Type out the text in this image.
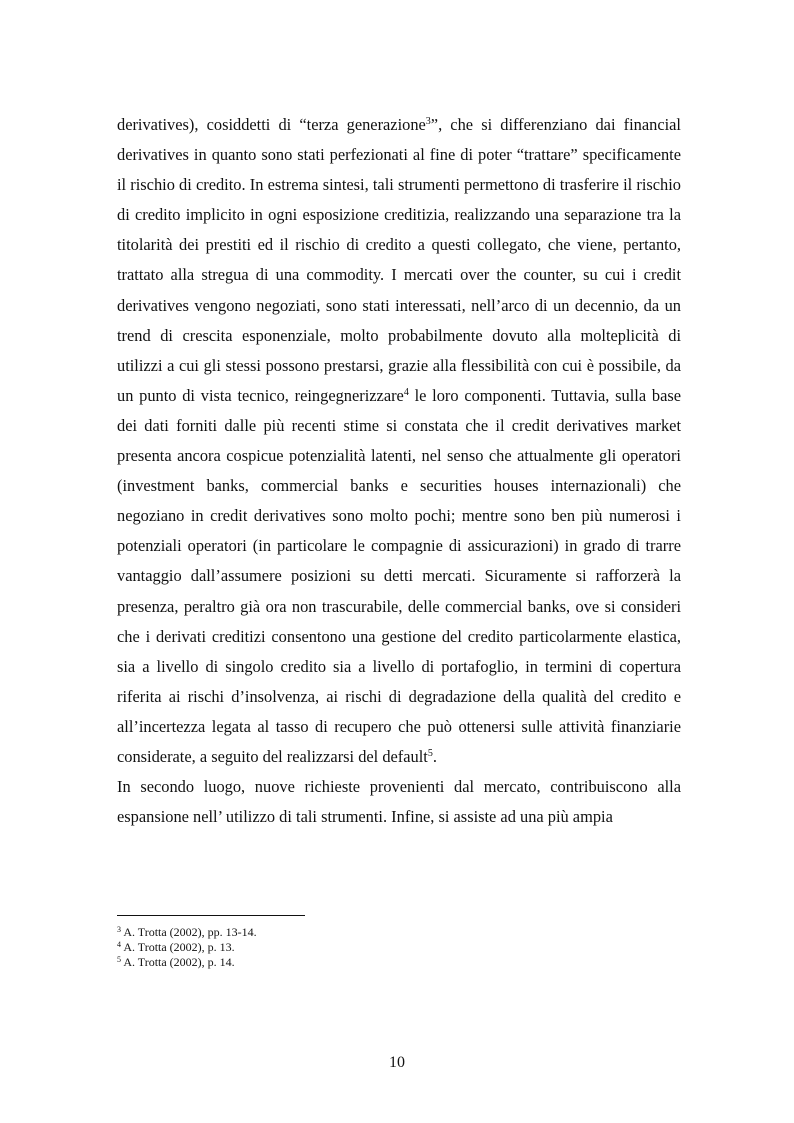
derivatives), cosiddetti di “terza generazione$^3$”, che si differenziano dai financial derivatives in quanto sono stati perfezionati al fine di poter “trattare” specificamente il rischio di credito. In estrema sintesi, tali strumenti permettono di trasferire il rischio di credito implicito in ogni esposizione creditizia, realizzando una separazione tra la titolarità dei prestiti ed il rischio di credito a questi collegato, che viene, pertanto, trattato alla stregua di una commodity. I mercati over the counter, su cui i credit derivatives vengono negoziati, sono stati interessati, nell’arco di un decennio, da un trend di crescita esponenziale, molto probabilmente dovuto alla molteplicità di utilizzi a cui gli stessi possono prestarsi, grazie alla flessibilità con cui è possibile, da un punto di vista tecnico, reingegnerizzare$^4$ le loro componenti. Tuttavia, sulla base dei dati forniti dalle più recenti stime si constata che il credit derivatives market presenta ancora cospicue potenzialità latenti, nel senso che attualmente gli operatori (investment banks, commercial banks e securities houses internazionali) che negoziano in credit derivatives sono molto pochi; mentre sono ben più numerosi i potenziali operatori (in particolare le compagnie di assicurazioni) in grado di trarre vantaggio dall’assumere posizioni su detti mercati. Sicuramente si rafforzerà la presenza, peraltro già ora non trascurabile, delle commercial banks, ove si consideri che i derivati creditizi consentono una gestione del credito particolarmente elastica, sia a livello di singolo credito sia a livello di portafoglio, in termini di copertura riferita ai rischi d’insolvenza, ai rischi di degradazione della qualità del credito e all’incertezza legata al tasso di recupero che può ottenersi sulle attività finanziarie considerate, a seguito del realizzarsi del default$^5$.

In secondo luogo, nuove richieste provenienti dal mercato, contribuiscono alla espansione nell’ utilizzo di tali strumenti. Infine, si assiste ad una più ampia

$^3$ A. Trotta (2002), pp. 13-14.
$^4$ A. Trotta (2002), p. 13.
$^5$ A. Trotta (2002), p. 14.
10
